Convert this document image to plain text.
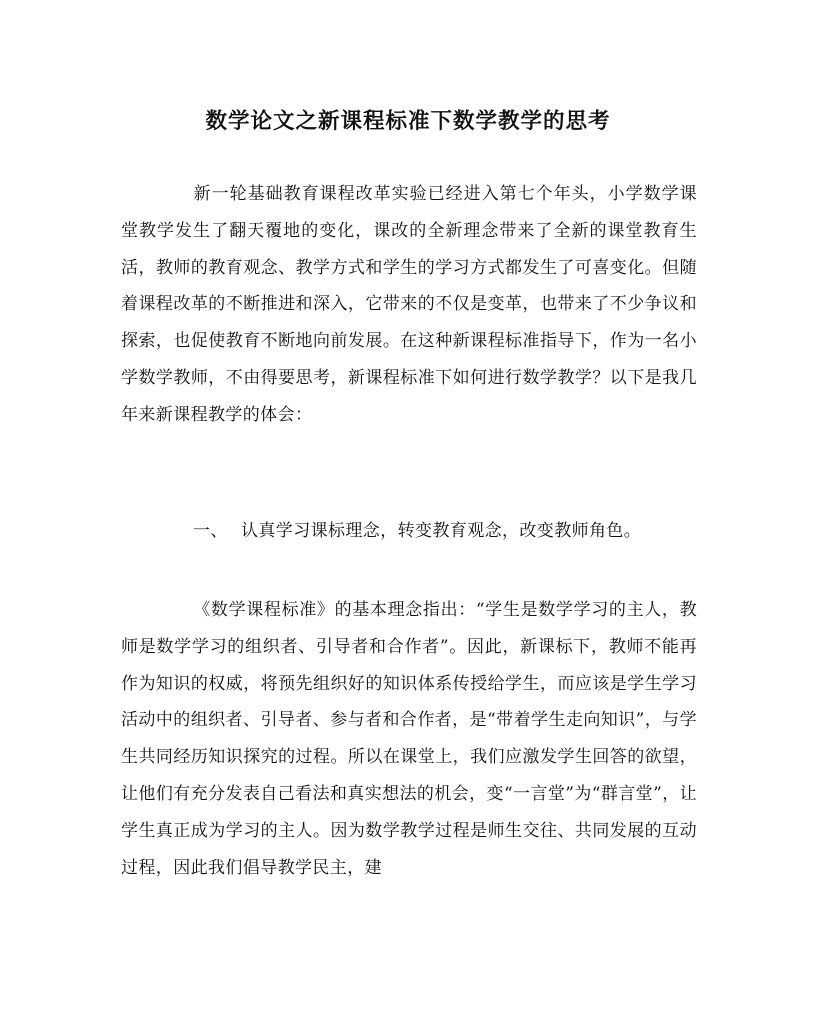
数学论文之新课程标准下数学教学的思考

新一轮基础教育课程改革实验已经进入第七个年头，小学数学课堂教学发生了翻天覆地的变化，课改的全新理念带来了全新的课堂教育生活，教师的教育观念、教学方式和学生的学习方式都发生了可喜变化。但随着课程改革的不断推进和深入，它带来的不仅是变革，也带来了不少争议和探索，也促使教育不断地向前发展。在这种新课程标准指导下，作为一名小学数学教师，不由得要思考，新课程标准下如何进行数学教学？以下是我几年来新课程教学的体会：

一、 认真学习课标理念，转变教育观念，改变教师角色。

《数学课程标准》的基本理念指出：“学生是数学学习的主人，教师是数学学习的组织者、引导者和合作者”。因此，新课标下，教师不能再作为知识的权威，将预先组织好的知识体系传授给学生，而应该是学生学习活动中的组织者、引导者、参与者和合作者，是“带着学生走向知识”，与学生共同经历知识探究的过程。所以在课堂上，我们应激发学生回答的欲望，让他们有充分发表自己看法和真实想法的机会，变“一言堂”为“群言堂”，让学生真正成为学习的主人。因为数学教学过程是师生交往、共同发展的互动过程，因此我们倡导教学民主，建
